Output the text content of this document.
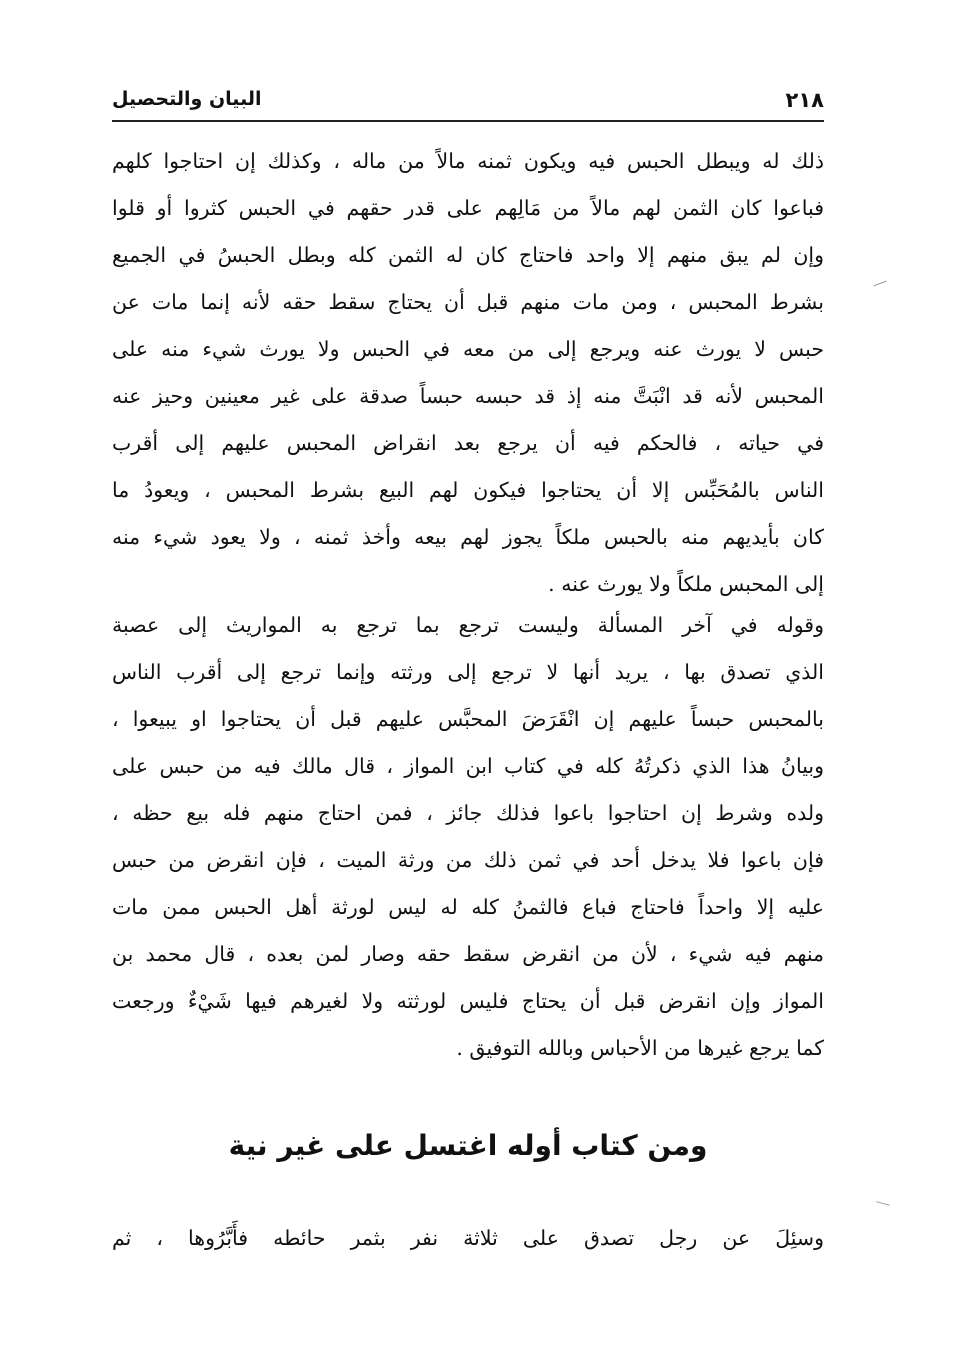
٢١٨
البيان والتحصيل
ذلك له ويبطل الحبس فيه ويكون ثمنه مالاً من ماله ، وكذلك إن احتاجوا كلهم
فباعوا كان الثمن لهم مالاً من مَالِهم على قدر حقهم في الحبس كثروا أو قلوا
وإن لم يبق منهم إلا واحد فاحتاج كان له الثمن كله وبطل الحبسُ في الجميع
بشرط المحبس ، ومن مات منهم قبل أن يحتاج سقط حقه لأنه إنما مات عن
حبس لا يورث عنه ويرجع إلى من معه في الحبس ولا يورث شيء منه على
المحبس لأنه قد انْبَتَّ منه إذ قد حبسه حبساً صدقة على غير معينين وحيز عنه
في حياته ، فالحكم فيه أن يرجع بعد انقراض المحبس عليهم إلى أقرب
الناس بالمُحَبِّس إلا أن يحتاجوا فيكون لهم البيع بشرط المحبس ، ويعودُ ما
كان بأيديهم منه بالحبس ملكاً يجوز لهم بيعه وأخذ ثمنه ، ولا يعود شيء منه
إلى المحبس ملكاً ولا يورث عنه .
وقوله في آخر المسألة وليست ترجع بما ترجع به المواريث إلى عصبة
الذي تصدق بها ، يريد أنها لا ترجع إلى ورثته وإنما ترجع إلى أقرب الناس
بالمحبس حبساً عليهم إن انْقَرَضَ المحبَّس عليهم قبل أن يحتاجوا او يبيعوا ،
وبيانُ هذا الذي ذكرتُهُ كله في كتاب ابن المواز ، قال مالك فيه من حبس على
ولده وشرط إن احتاجوا باعوا فذلك جائز ، فمن احتاج منهم فله بيع حظه ،
فإن باعوا فلا يدخل أحد في ثمن ذلك من ورثة الميت ، فإن انقرض من حبس
عليه إلا واحداً فاحتاج فباع فالثمنُ كله له ليس لورثة أهل الحبس ممن مات
منهم فيه شيء ، لأن من انقرض سقط حقه وصار لمن بعده ، قال محمد بن
المواز وإن انقرض قبل أن يحتاج فليس لورثته ولا لغيرهم فيها شَيْءٌ ورجعت
كما يرجع غيرها من الأحباس وبالله التوفيق .
ومن كتاب أوله اغتسل على غير نية
وسئِلَ عن رجل تصدق على ثلاثة نفر بثمر حائطه فأَبَّرُوها ، ثم
